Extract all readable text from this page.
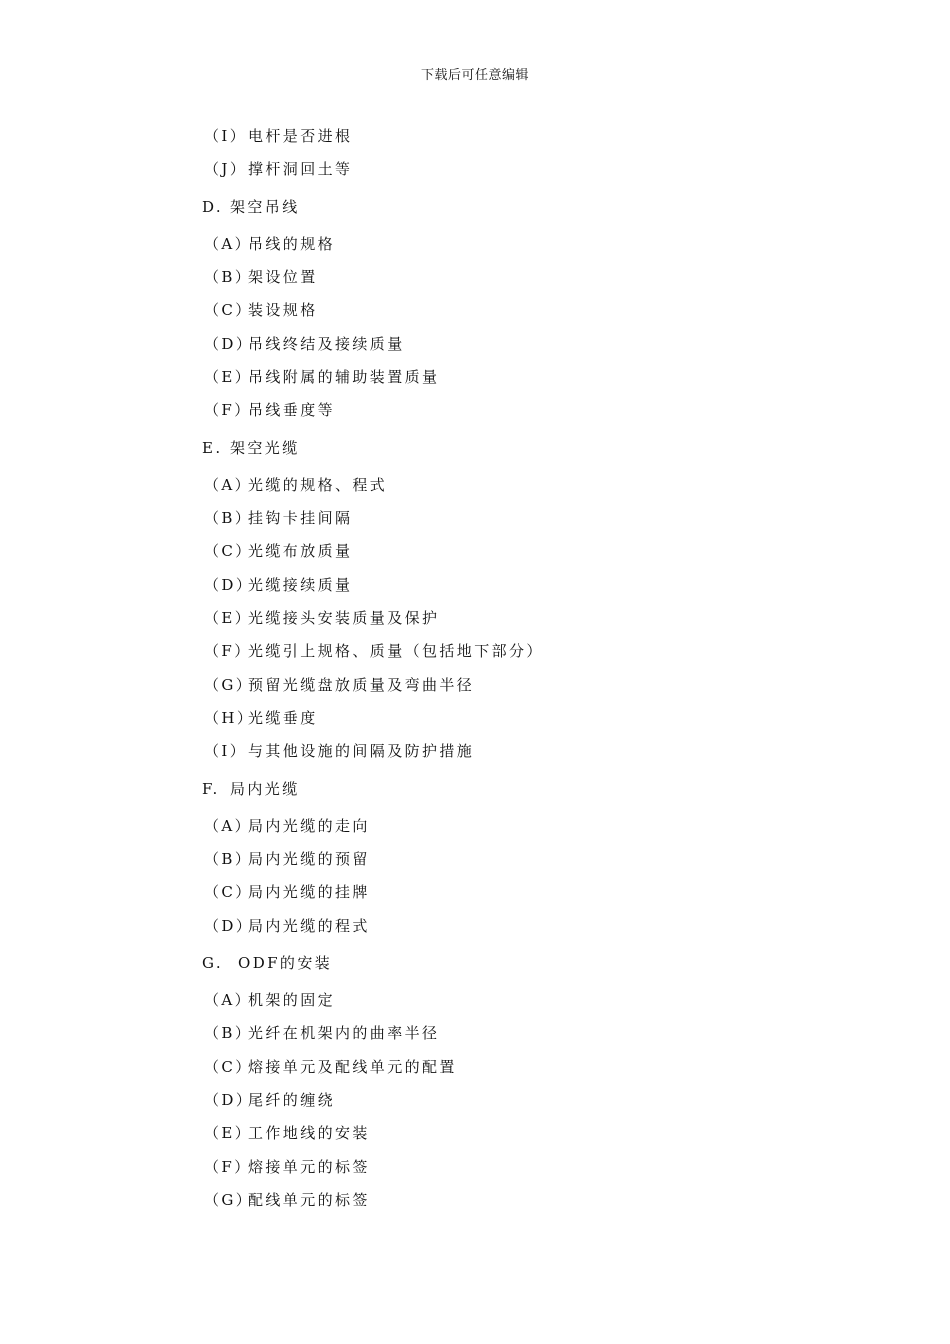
下载后可任意编辑
（I）电杆是否进根
（J）撑杆洞回土等
D. 架空吊线
（A）吊线的规格
（B）架设位置
（C）装设规格
（D）吊线终结及接续质量
（E）吊线附属的辅助装置质量
（F）吊线垂度等
E. 架空光缆
（A）光缆的规格、程式
（B）挂钩卡挂间隔
（C）光缆布放质量
（D）光缆接续质量
（E）光缆接头安装质量及保护
（F）光缆引上规格、质量（包括地下部分）
（G）预留光缆盘放质量及弯曲半径
（H）光缆垂度
（I）与其他设施的间隔及防护措施
F. 局内光缆
（A）局内光缆的走向
（B）局内光缆的预留
（C）局内光缆的挂牌
（D）局内光缆的程式
G. ODF的安装
（A）机架的固定
（B）光纤在机架内的曲率半径
（C）熔接单元及配线单元的配置
（D）尾纤的缠绕
（E）工作地线的安装
（F）熔接单元的标签
（G）配线单元的标签
